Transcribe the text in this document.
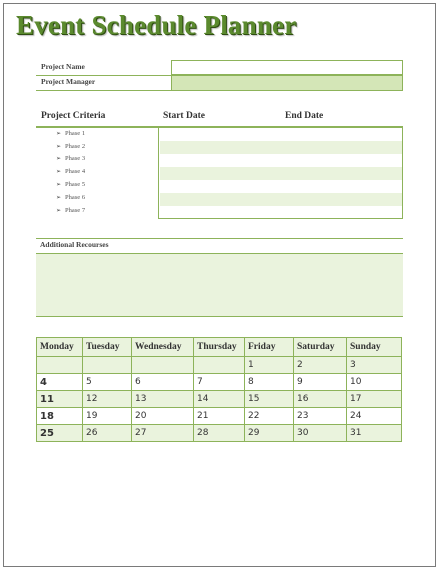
Event Schedule Planner
Project Name
Project Manager
Project Criteria	Start Date	End Date
➢ Phase 1
➢ Phase 2
➢ Phase 3
➢ Phase 4
➢ Phase 5
➢ Phase 6
➢ Phase 7
Additional Recourses
Monday	Tuesday	Wednesday	Thursday	Friday	Saturday	Sunday
				1	2	3
4	5	6	7	8	9	10
11	12	13	14	15	16	17
18	19	20	21	22	23	24
25	26	27	28	29	30	31
